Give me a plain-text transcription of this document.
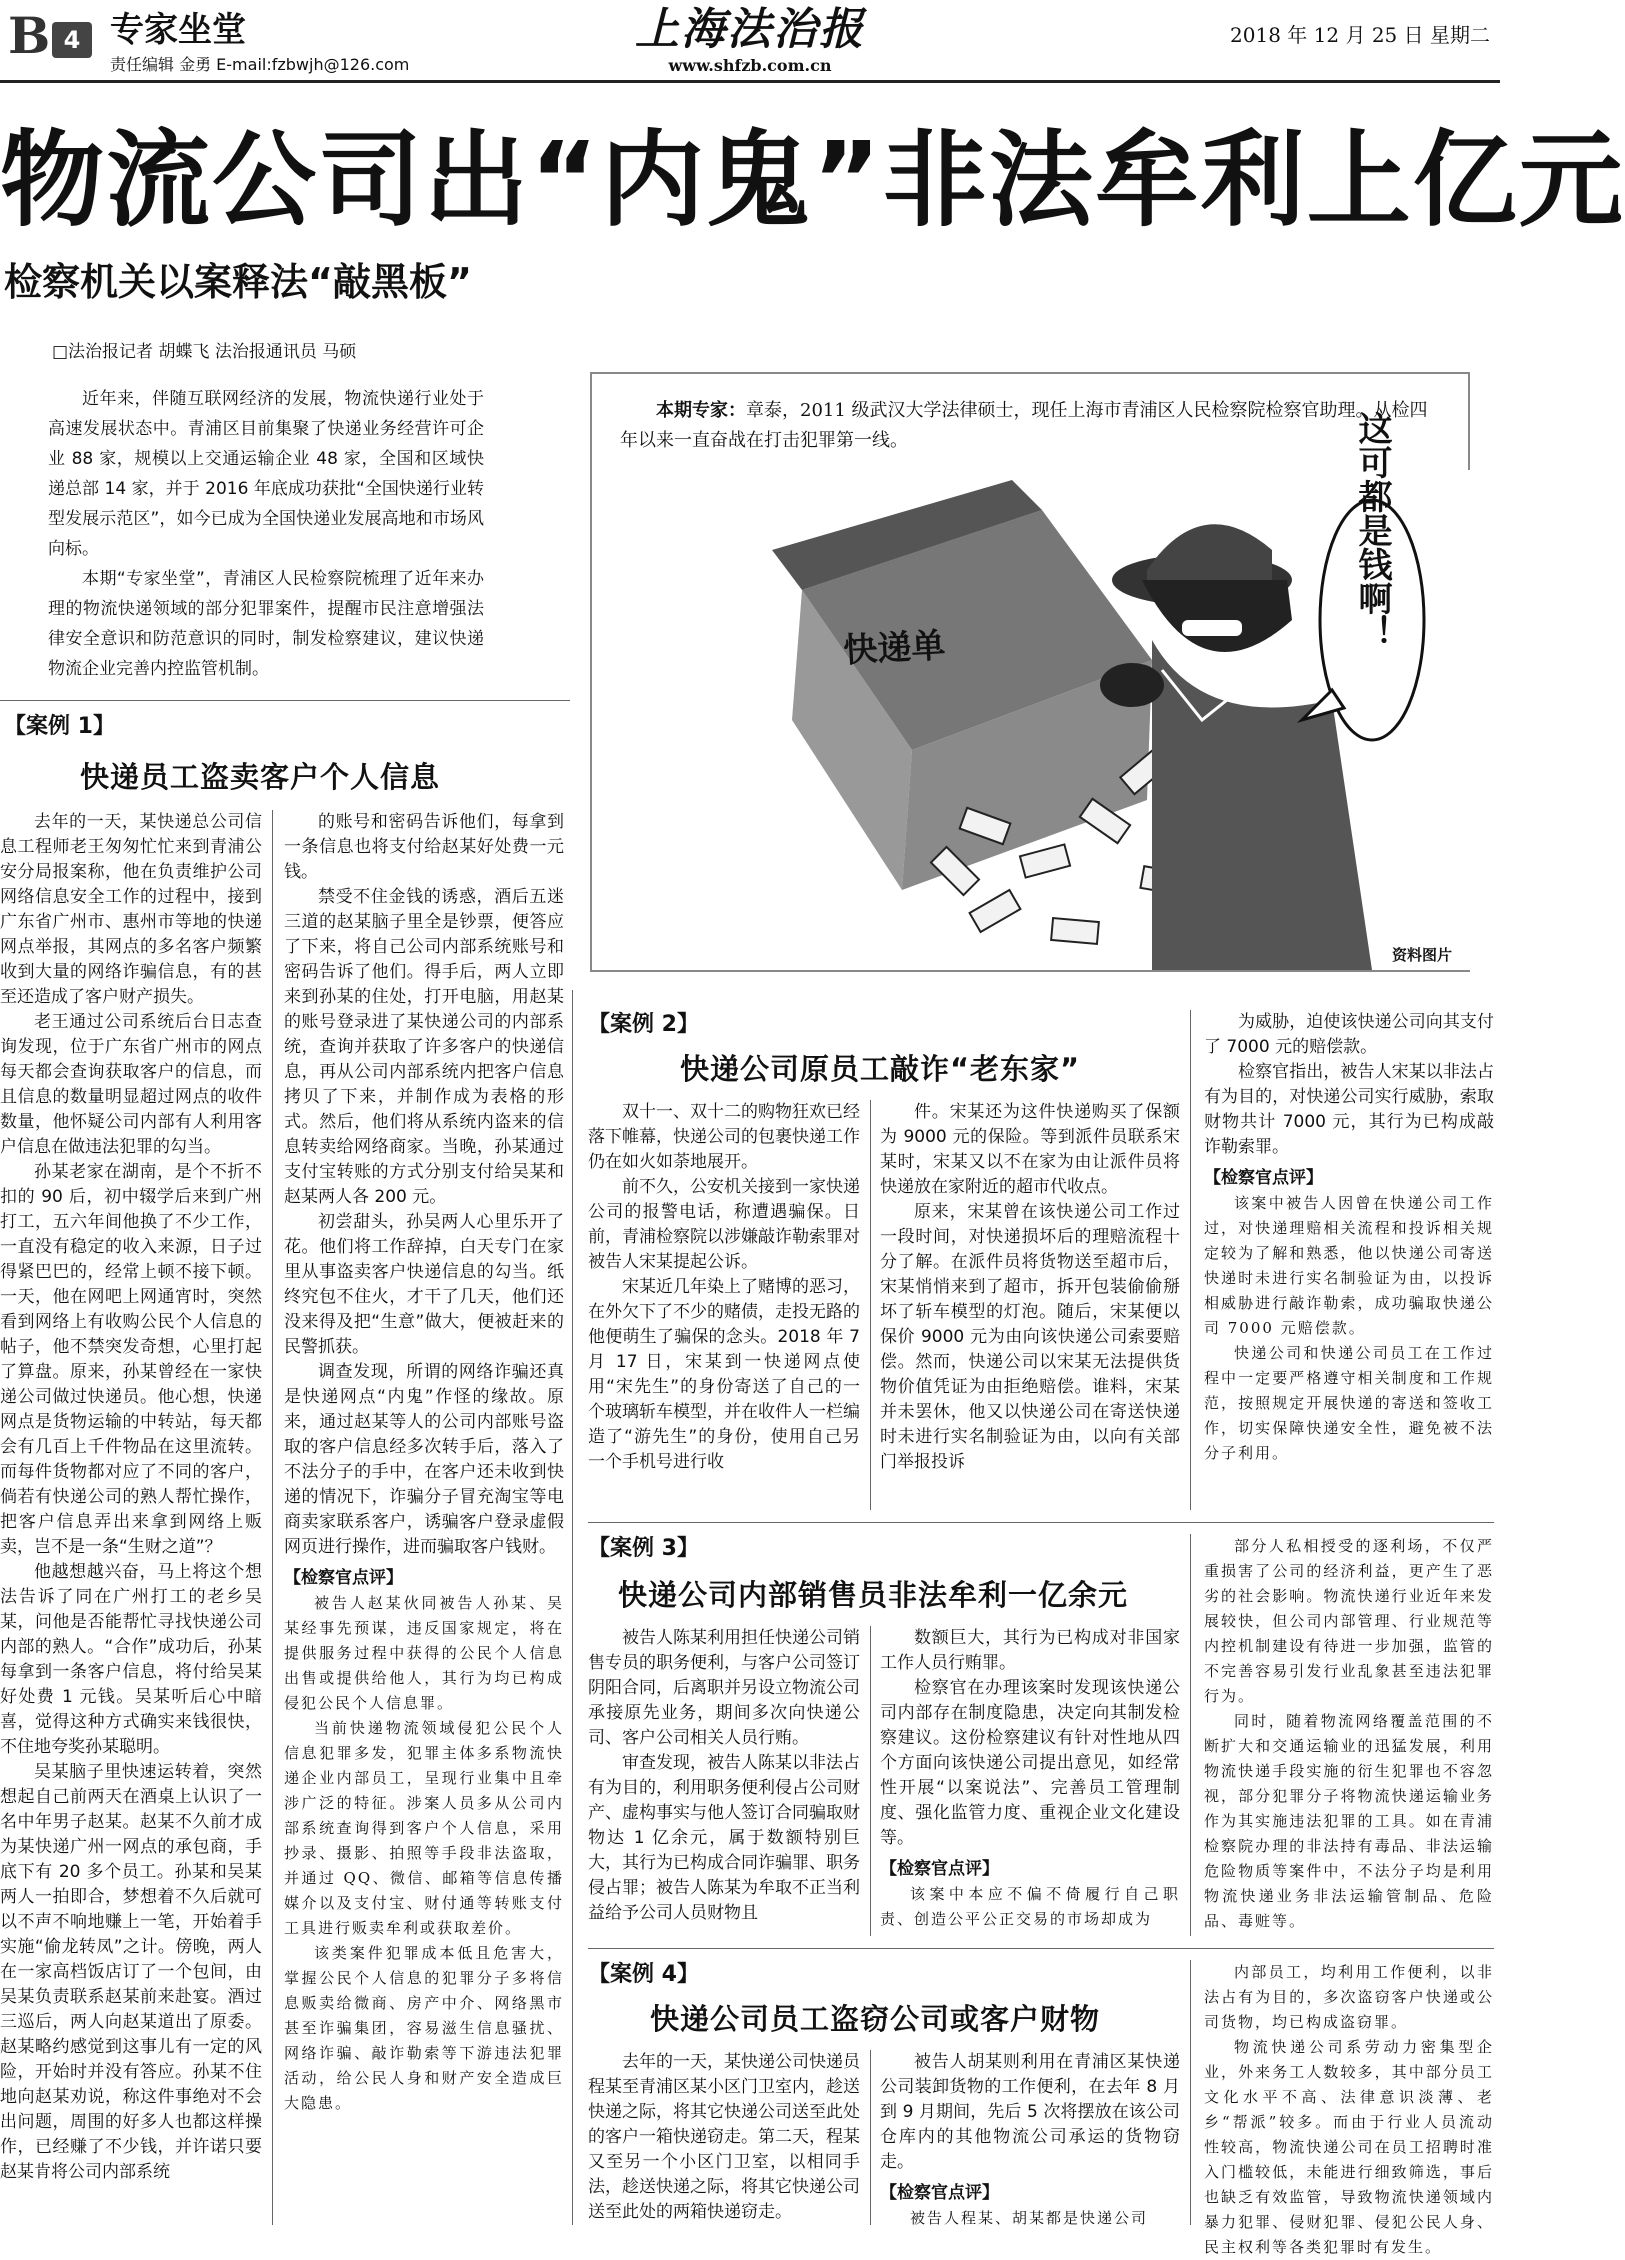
B 4 专家坐堂
责任编辑 金勇 E-mail:fzbwjh@126.com
上海法治报
www.shfzb.com.cn
2018 年 12 月 25 日 星期二
物流公司出“内鬼”非法牟利上亿元
检察机关以案释法“敲黑板”
□法治报记者 胡蝶飞 法治报通讯员 马硕

近年来，伴随互联网经济的发展，物流快递行业处于高速发展状态中。青浦区目前集聚了快递业务经营许可企业 88 家，规模以上交通运输企业 48 家，全国和区域快递总部 14 家，并于 2016 年底成功获批“全国快递行业转型发展示范区”，如今已成为全国快递业发展高地和市场风向标。

本期“专家坐堂”，青浦区人民检察院梳理了近年来办理的物流快递领域的部分犯罪案件，提醒市民注意增强法律安全意识和防范意识的同时，制发检察建议，建议快递物流企业完善内控监管机制。

本期专家：章泰，2011 级武汉大学法律硕士，现任上海市青浦区人民检察院检察官助理。从检四年以来一直奋战在打击犯罪第一线。
快递单	这可都是钱啊！
资料图片
【案例 1】
快递员工盗卖客户个人信息

去年的一天，某快递总公司信息工程师老王匆匆忙忙来到青浦公安分局报案称，他在负责维护公司网络信息安全工作的过程中，接到广东省广州市、惠州市等地的快递网点举报，其网点的多名客户频繁收到大量的网络诈骗信息，有的甚至还造成了客户财产损失。

老王通过公司系统后台日志查询发现，位于广东省广州市的网点每天都会查询获取客户的信息，而且信息的数量明显超过网点的收件数量，他怀疑公司内部有人利用客户信息在做违法犯罪的勾当。

孙某老家在湖南，是个不折不扣的 90 后，初中辍学后来到广州打工，五六年间他换了不少工作，一直没有稳定的收入来源，日子过得紧巴巴的，经常上顿不接下顿。一天，他在网吧上网通宵时，突然看到网络上有收购公民个人信息的帖子，他不禁突发奇想，心里打起了算盘。原来，孙某曾经在一家快递公司做过快递员。他心想，快递网点是货物运输的中转站，每天都会有几百上千件物品在这里流转。而每件货物都对应了不同的客户，倘若有快递公司的熟人帮忙操作，把客户信息弄出来拿到网络上贩卖，岂不是一条“生财之道”？

他越想越兴奋，马上将这个想法告诉了同在广州打工的老乡吴某，问他是否能帮忙寻找快递公司内部的熟人。“合作”成功后，孙某每拿到一条客户信息，将付给吴某好处费 1 元钱。吴某听后心中暗喜，觉得这种方式确实来钱很快，不住地夸奖孙某聪明。

吴某脑子里快速运转着，突然想起自己前两天在酒桌上认识了一名中年男子赵某。赵某不久前才成为某快递广州一网点的承包商，手底下有 20 多个员工。孙某和吴某两人一拍即合，梦想着不久后就可以不声不响地赚上一笔，开始着手实施“偷龙转凤”之计。傍晚，两人在一家高档饭店订了一个包间，由吴某负责联系赵某前来赴宴。酒过三巡后，两人向赵某道出了原委。赵某略约感觉到这事儿有一定的风险，开始时并没有答应。孙某不住地向赵某劝说，称这件事绝对不会出问题，周围的好多人也都这样操作，已经赚了不少钱，并许诺只要赵某肯将公司内部系统

的账号和密码告诉他们，每拿到一条信息也将支付给赵某好处费一元钱。

禁受不住金钱的诱惑，酒后五迷三道的赵某脑子里全是钞票，便答应了下来，将自己公司内部系统账号和密码告诉了他们。得手后，两人立即来到孙某的住处，打开电脑，用赵某的账号登录进了某快递公司的内部系统，查询并获取了许多客户的快递信息，再从公司内部系统内把客户信息拷贝了下来，并制作成为表格的形式。然后，他们将从系统内盗来的信息转卖给网络商家。当晚，孙某通过支付宝转账的方式分别支付给吴某和赵某两人各 200 元。

初尝甜头，孙吴两人心里乐开了花。他们将工作辞掉，白天专门在家里从事盗卖客户快递信息的勾当。纸终究包不住火，才干了几天，他们还没来得及把“生意”做大，便被赶来的民警抓获。

调查发现，所谓的网络诈骗还真是快递网点“内鬼”作怪的缘故。原来，通过赵某等人的公司内部账号盗取的客户信息经多次转手后，落入了不法分子的手中，在客户还未收到快递的情况下，诈骗分子冒充淘宝等电商卖家联系客户，诱骗客户登录虚假网页进行操作，进而骗取客户钱财。

【检察官点评】

被告人赵某伙同被告人孙某、吴某经事先预谋，违反国家规定，将在提供服务过程中获得的公民个人信息出售或提供给他人，其行为均已构成侵犯公民个人信息罪。

当前快递物流领域侵犯公民个人信息犯罪多发，犯罪主体多系物流快递企业内部员工，呈现行业集中且牵涉广泛的特征。涉案人员多从公司内部系统查询得到客户个人信息，采用抄录、摄影、拍照等手段非法盗取，并通过 QQ、微信、邮箱等信息传播媒介以及支付宝、财付通等转账支付工具进行贩卖牟利或获取差价。

该类案件犯罪成本低且危害大，掌握公民个人信息的犯罪分子多将信息贩卖给微商、房产中介、网络黑市甚至诈骗集团，容易滋生信息骚扰、网络诈骗、敲诈勒索等下游违法犯罪活动，给公民人身和财产安全造成巨大隐患。

【案例 2】
快递公司原员工敲诈“老东家”

双十一、双十二的购物狂欢已经落下帷幕，快递公司的包裹快递工作仍在如火如荼地展开。

前不久，公安机关接到一家快递公司的报警电话，称遭遇骗保。日前，青浦检察院以涉嫌敲诈勒索罪对被告人宋某提起公诉。

宋某近几年染上了赌博的恶习，在外欠下了不少的赌债，走投无路的他便萌生了骗保的念头。2018 年 7 月 17 日，宋某到一快递网点使用“宋先生”的身份寄送了自己的一个玻璃斩车模型，并在收件人一栏编造了“游先生”的身份，使用自己另一个手机号进行收

件。宋某还为这件快递购买了保额为 9000 元的保险。等到派件员联系宋某时，宋某又以不在家为由让派件员将快递放在家附近的超市代收点。

原来，宋某曾在该快递公司工作过一段时间，对快递损坏后的理赔流程十分了解。在派件员将货物送至超市后，宋某悄悄来到了超市，拆开包装偷偷掰坏了斩车模型的灯泡。随后，宋某便以保价 9000 元为由向该快递公司索要赔偿。然而，快递公司以宋某无法提供货物价值凭证为由拒绝赔偿。谁料，宋某并未罢休，他又以快递公司在寄送快递时未进行实名制验证为由，以向有关部门举报投诉

为威胁，迫使该快递公司向其支付了 7000 元的赔偿款。

检察官指出，被告人宋某以非法占有为目的，对快递公司实行威胁，索取财物共计 7000 元，其行为已构成敲诈勒索罪。

【检察官点评】

该案中被告人因曾在快递公司工作过，对快递理赔相关流程和投诉相关规定较为了解和熟悉，他以快递公司寄送快递时未进行实名制验证为由，以投诉相威胁进行敲诈勒索，成功骗取快递公司 7000 元赔偿款。

快递公司和快递公司员工在工作过程中一定要严格遵守相关制度和工作规范，按照规定开展快递的寄送和签收工作，切实保障快递安全性，避免被不法分子利用。

【案例 3】
快递公司内部销售员非法牟利一亿余元

被告人陈某利用担任快递公司销售专员的职务便利，与客户公司签订阴阳合同，后离职并另设立物流公司承接原先业务，期间多次向快递公司、客户公司相关人员行贿。

审查发现，被告人陈某以非法占有为目的，利用职务便利侵占公司财产、虚构事实与他人签订合同骗取财物达 1 亿余元，属于数额特别巨大，其行为已构成合同诈骗罪、职务侵占罪；被告人陈某为牟取不正当利益给予公司人员财物且

数额巨大，其行为已构成对非国家工作人员行贿罪。

检察官在办理该案时发现该快递公司内部存在制度隐患，决定向其制发检察建议。这份检察建议有针对性地从四个方面向该快递公司提出意见，如经常性开展“以案说法”、完善员工管理制度、强化监管力度、重视企业文化建设等。

【检察官点评】

该案中本应不偏不倚履行自己职责、创造公平公正交易的市场却成为

部分人私相授受的逐利场，不仅严重损害了公司的经济利益，更产生了恶劣的社会影响。物流快递行业近年来发展较快，但公司内部管理、行业规范等内控机制建设有待进一步加强，监管的不完善容易引发行业乱象甚至违法犯罪行为。

同时，随着物流网络覆盖范围的不断扩大和交通运输业的迅猛发展，利用物流快递手段实施的衍生犯罪也不容忽视，部分犯罪分子将物流快递运输业务作为其实施违法犯罪的工具。如在青浦检察院办理的非法持有毒品、非法运输危险物质等案件中，不法分子均是利用物流快递业务非法运输管制品、危险品、毒赃等。

【案例 4】
快递公司员工盗窃公司或客户财物

去年的一天，某快递公司快递员程某至青浦区某小区门卫室内，趁送快递之际，将其它快递公司送至此处的客户一箱快递窃走。第二天，程某又至另一个小区门卫室，以相同手法，趁送快递之际，将其它快递公司送至此处的两箱快递窃走。

被告人胡某则利用在青浦区某快递公司装卸货物的工作便利，在去年 8 月到 9 月期间，先后 5 次将摆放在该公司仓库内的其他物流公司承运的货物窃走。

【检察官点评】

被告人程某、胡某都是快递公司

内部员工，均利用工作便利，以非法占有为目的，多次盗窃客户快递或公司货物，均已构成盗窃罪。

物流快递公司系劳动力密集型企业，外来务工人数较多，其中部分员工文化水平不高、法律意识淡薄、老乡“帮派”较多。而由于行业人员流动性较高，物流快递公司在员工招聘时准入门槛较低，未能进行细致筛选，事后也缺乏有效监管，导致物流快递领域内暴力犯罪、侵财犯罪、侵犯公民人身、民主权利等各类犯罪时有发生。
